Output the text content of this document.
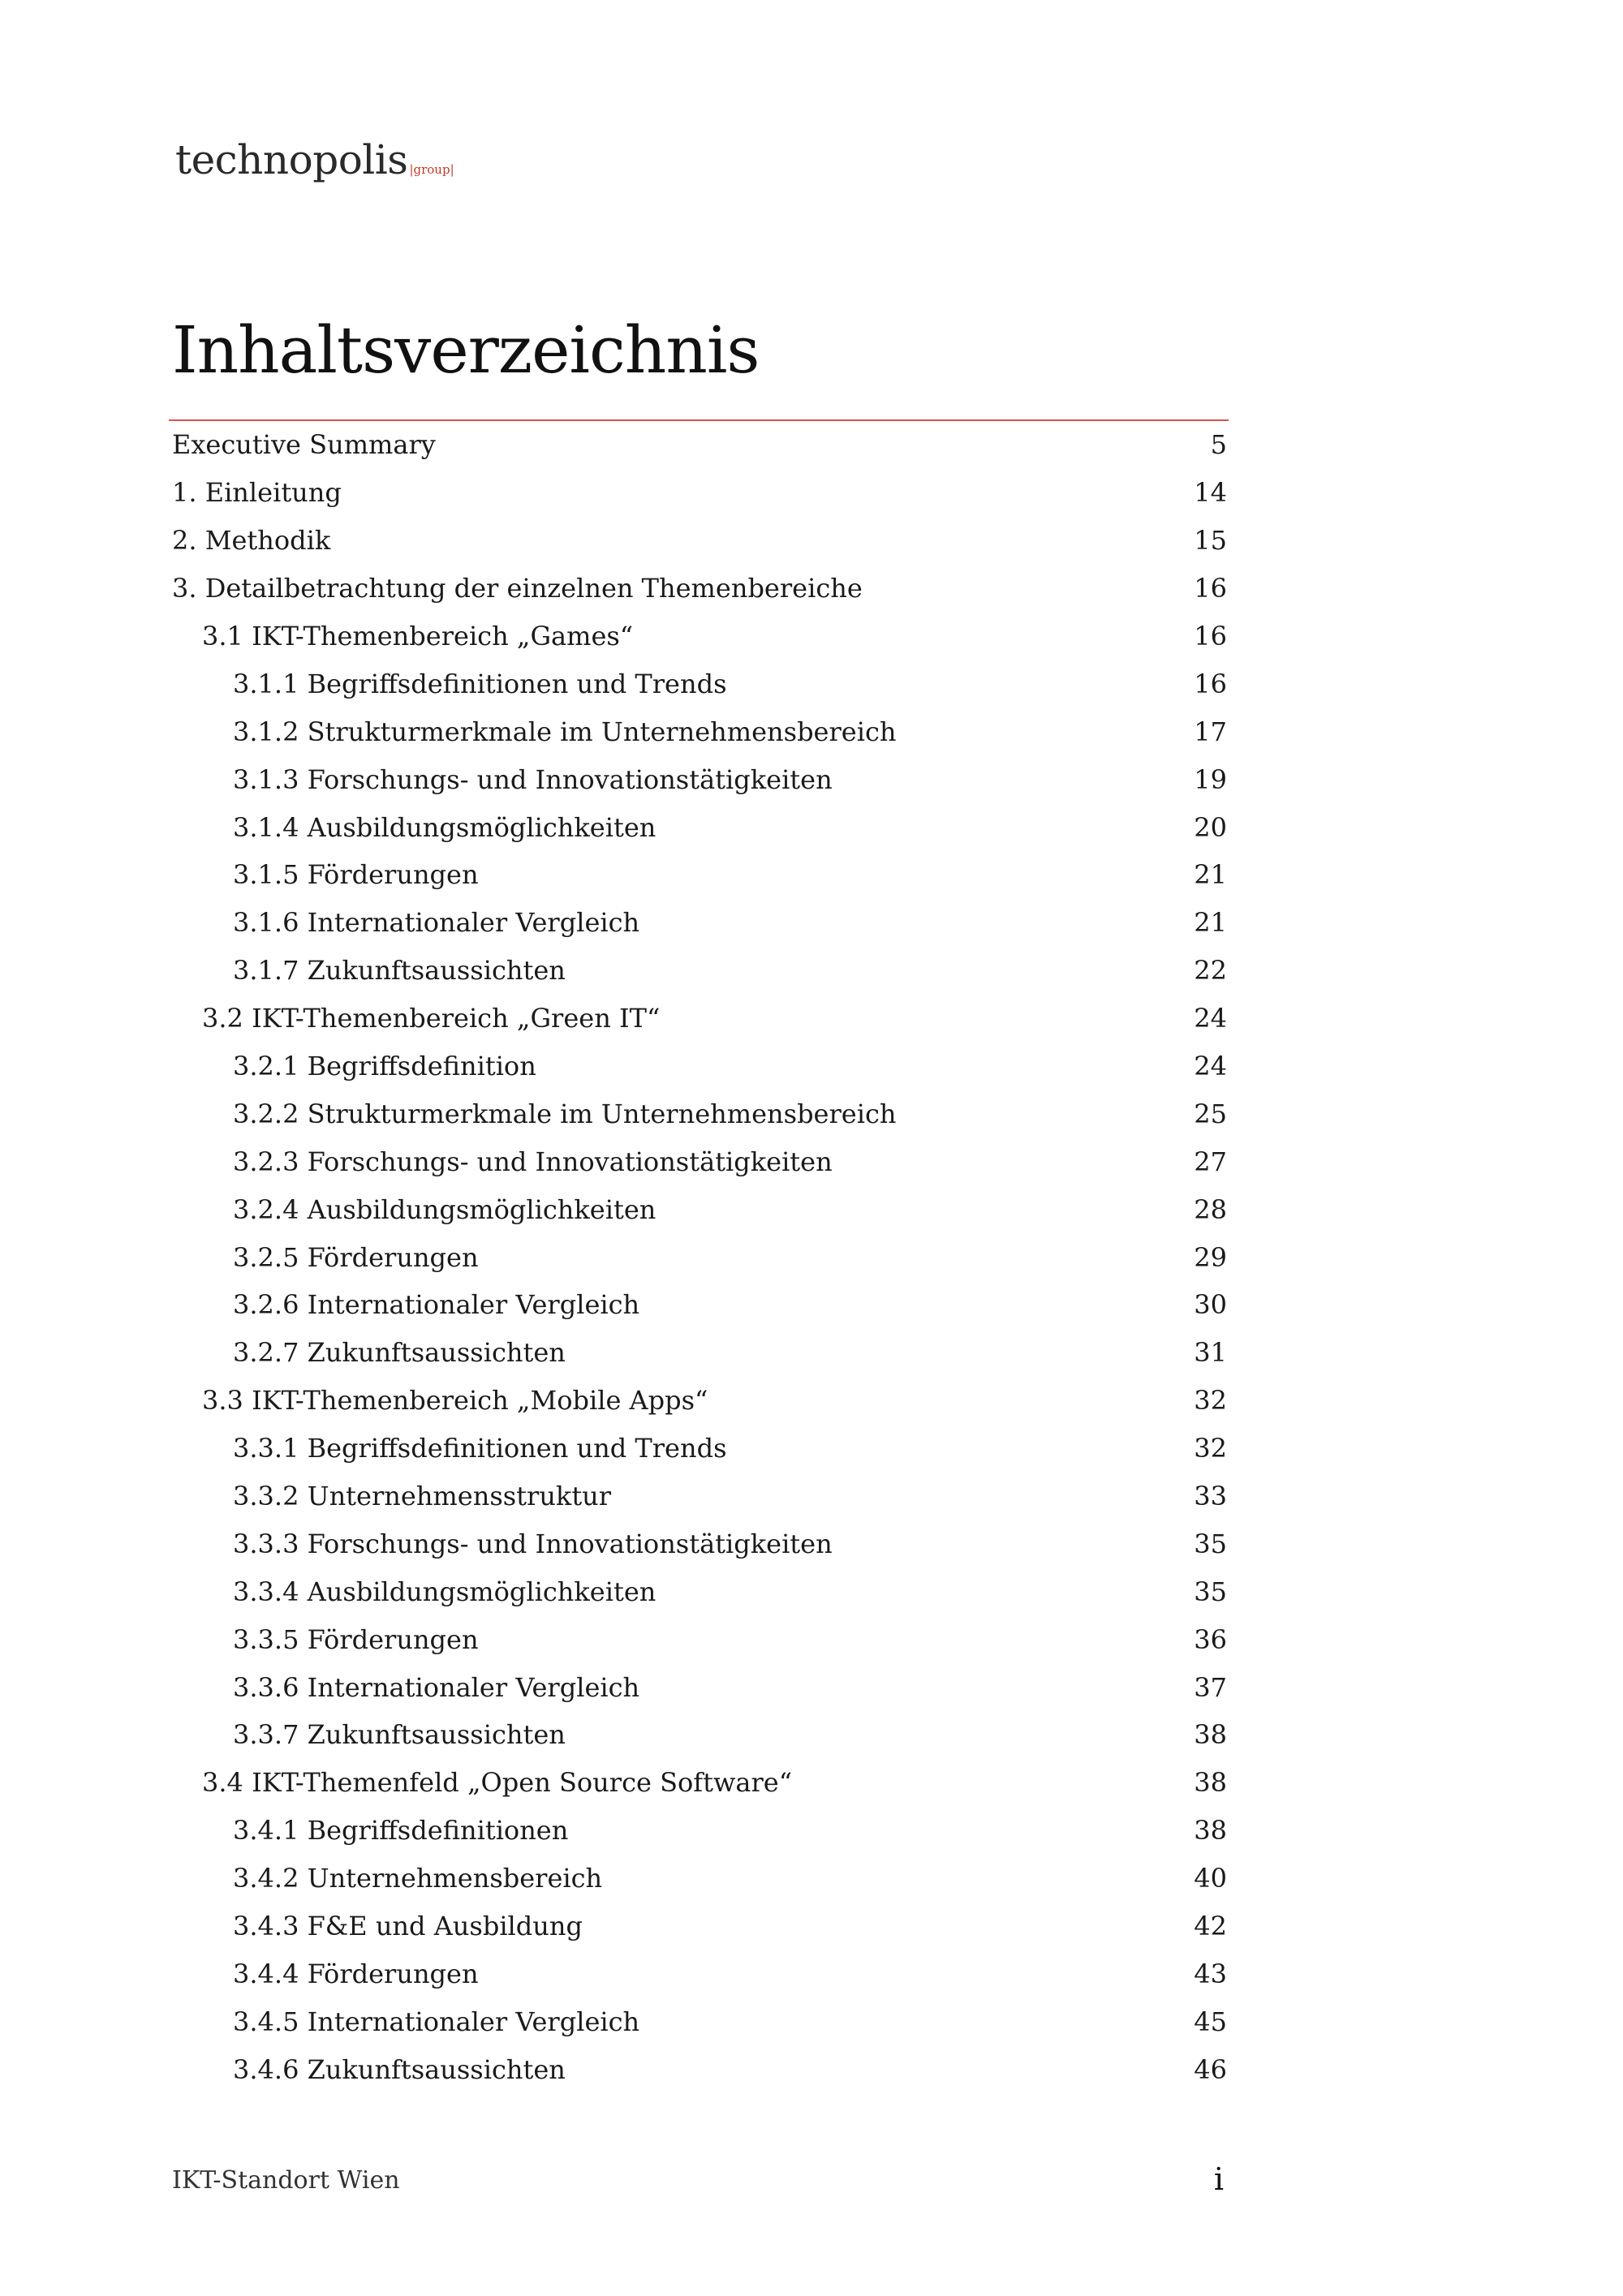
technopolis |group|
Inhaltsverzeichnis
Executive Summary	5
1. Einleitung	14
2. Methodik	15
3. Detailbetrachtung der einzelnen Themenbereiche	16
3.1 IKT-Themenbereich „Games“	16
3.1.1 Begriffsdefinitionen und Trends	16
3.1.2 Strukturmerkmale im Unternehmensbereich	17
3.1.3 Forschungs- und Innovationstätigkeiten	19
3.1.4 Ausbildungsmöglichkeiten	20
3.1.5 Förderungen	21
3.1.6 Internationaler Vergleich	21
3.1.7 Zukunftsaussichten	22
3.2 IKT-Themenbereich „Green IT“	24
3.2.1 Begriffsdefinition	24
3.2.2 Strukturmerkmale im Unternehmensbereich	25
3.2.3 Forschungs- und Innovationstätigkeiten	27
3.2.4 Ausbildungsmöglichkeiten	28
3.2.5 Förderungen	29
3.2.6 Internationaler Vergleich	30
3.2.7 Zukunftsaussichten	31
3.3 IKT-Themenbereich „Mobile Apps“	32
3.3.1 Begriffsdefinitionen und Trends	32
3.3.2 Unternehmensstruktur	33
3.3.3 Forschungs- und Innovationstätigkeiten	35
3.3.4 Ausbildungsmöglichkeiten	35
3.3.5 Förderungen	36
3.3.6 Internationaler Vergleich	37
3.3.7 Zukunftsaussichten	38
3.4 IKT-Themenfeld „Open Source Software“	38
3.4.1 Begriffsdefinitionen	38
3.4.2 Unternehmensbereich	40
3.4.3 F&E und Ausbildung	42
3.4.4 Förderungen	43
3.4.5 Internationaler Vergleich	45
3.4.6 Zukunftsaussichten	46
IKT-Standort Wien	i
